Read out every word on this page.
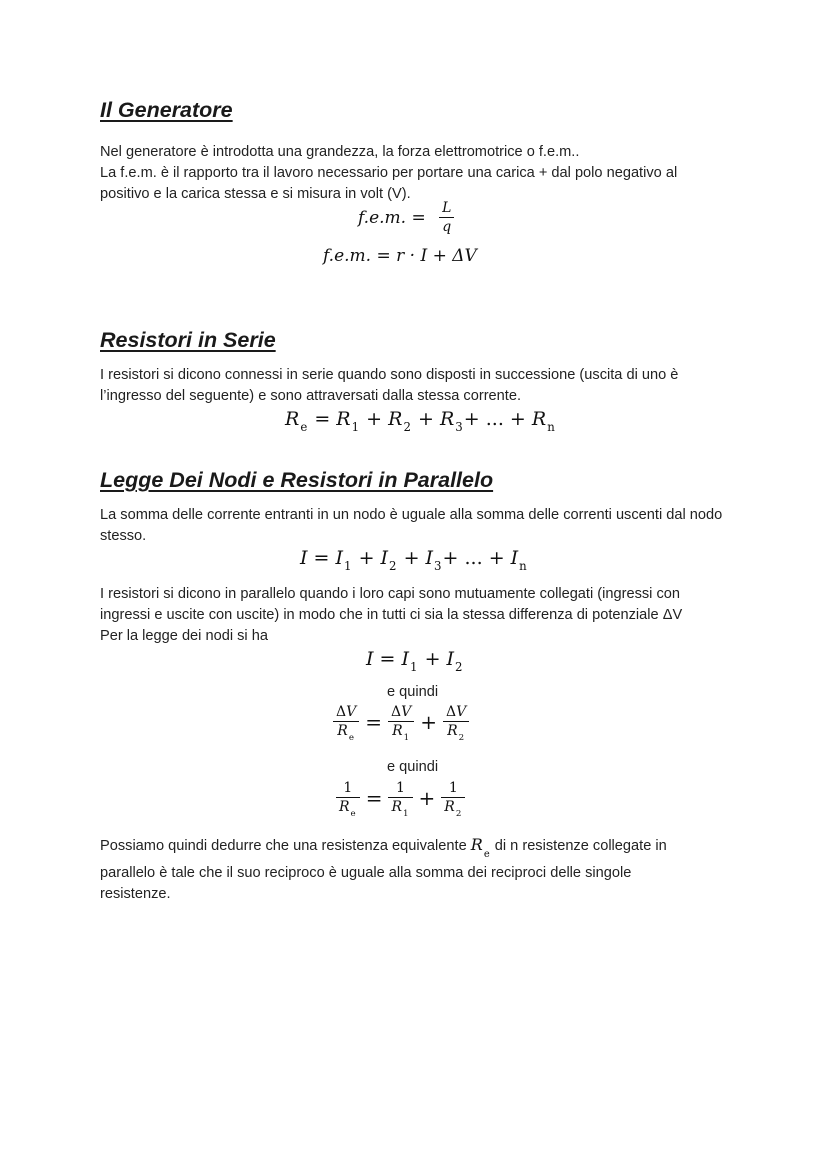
Il Generatore
Nel generatore è introdotta una grandezza, la forza elettromotrice o f.e.m..

La f.e.m. è il rapporto tra il lavoro necessario per portare una carica + dal polo negativo al positivo e la carica stessa e si misura in volt (V).

f.e.m. = $\frac{L}{q}$
f.e.m. = r · I + ΔV
Resistori in Serie

I resistori si dicono connessi in serie quando sono disposti in successione (uscita di uno è l’ingresso del seguente) e sono attraversati dalla stessa corrente.

$R_e = R_1 + R_2 + R_3+$ ... + $R_n$
Legge Dei Nodi e Resistori in Parallelo

La somma delle corrente entranti in un nodo è uguale alla somma delle correnti uscenti dal nodo stesso.

$I = I_1 + I_2 + I_3+$ ... + $I_n$

I resistori si dicono in parallelo quando i loro capi sono mutuamente collegati (ingressi con ingressi e uscite con uscite) in modo che in tutti ci sia la stessa differenza di potenziale ΔV

Per la legge dei nodi si ha
$I = I_1 + I_2$
e quindi
$\frac{\Delta V}{R_e} = \frac{\Delta V}{R_1} + \frac{\Delta V}{R_2}$
e quindi
$\frac{1}{R_e} = \frac{1}{R_1} + \frac{1}{R_2}$
Possiamo quindi dedurre che una resistenza equivalente $R_e$ di n resistenze collegate in

parallelo è tale che il suo reciproco è uguale alla somma dei reciproci delle singole resistenze.
